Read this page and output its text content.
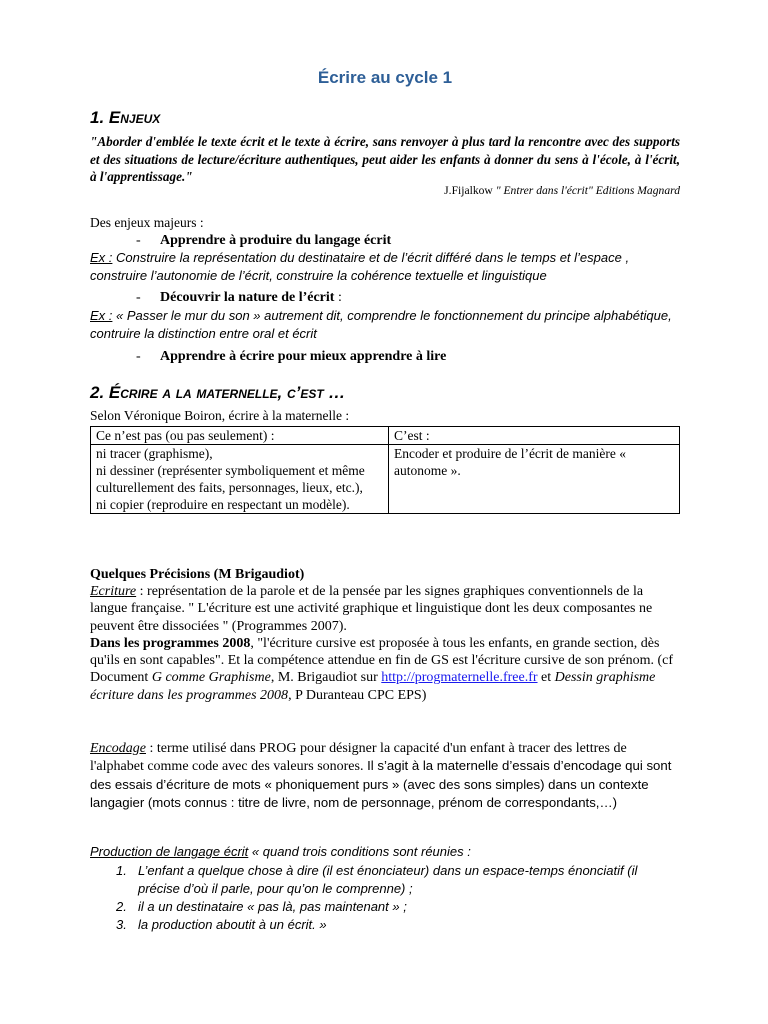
Écrire au cycle 1
1. Enjeux
"Aborder d'emblée le texte écrit et le texte à écrire, sans renvoyer à plus tard la rencontre avec des supports et des situations de lecture/écriture authentiques, peut aider les enfants à donner du sens à l'école, à l'écrit, à l'apprentissage."
J.Fijalkow " Entrer dans l'écrit" Editions Magnard
Des enjeux majeurs :
- Apprendre à produire du langage écrit
Ex : Construire la représentation du destinataire et de l’écrit différé dans le temps et l’espace , construire l’autonomie de l’écrit, construire la cohérence textuelle et linguistique
- Découvrir la nature de l’écrit :
Ex : « Passer le mur du son » autrement dit, comprendre le fonctionnement du principe alphabétique, contruire la distinction entre oral et écrit
- Apprendre à écrire pour mieux apprendre à lire
2. Écrire a la maternelle, c’est …
Selon Véronique Boiron, écrire à la maternelle :
Ce n’est pas (ou pas seulement) :	C’est :

ni tracer (graphisme),
ni dessiner (représenter symboliquement et même culturellement des faits, personnages, lieux, etc.),
ni copier (reproduire en respectant un modèle).	Encoder et produire de l’écrit de manière « autonome ».
Quelques Précisions (M Brigaudiot)
Ecriture : représentation de la parole et de la pensée par les signes graphiques conventionnels de la langue française. " L'écriture est une activité graphique et linguistique dont les deux composantes ne peuvent être dissociées " (Programmes 2007).
Dans les programmes 2008, "l'écriture cursive est proposée à tous les enfants, en grande section, dès qu'ils en sont capables". Et la compétence attendue en fin de GS est l'écriture cursive de son prénom. (cf Document G comme Graphisme, M. Brigaudiot sur http://progmaternelle.free.fr et Dessin graphisme écriture dans les programmes 2008, P Duranteau CPC EPS)
Encodage : terme utilisé dans PROG pour désigner la capacité d'un enfant à tracer des lettres de l'alphabet comme code avec des valeurs sonores. Il s’agit à la maternelle d’essais d’encodage qui sont des essais d’écriture de mots « phoniquement purs » (avec des sons simples) dans un contexte langagier (mots connus : titre de livre, nom de personnage, prénom de correspondants,…)
Production de langage écrit « quand trois conditions sont réunies :
1. L’enfant a quelque chose à dire (il est énonciateur) dans un espace-temps énonciatif (il précise d’où il parle, pour qu’on le comprenne) ;
2. il a un destinataire « pas là, pas maintenant » ;
3. la production aboutit à un écrit. »
